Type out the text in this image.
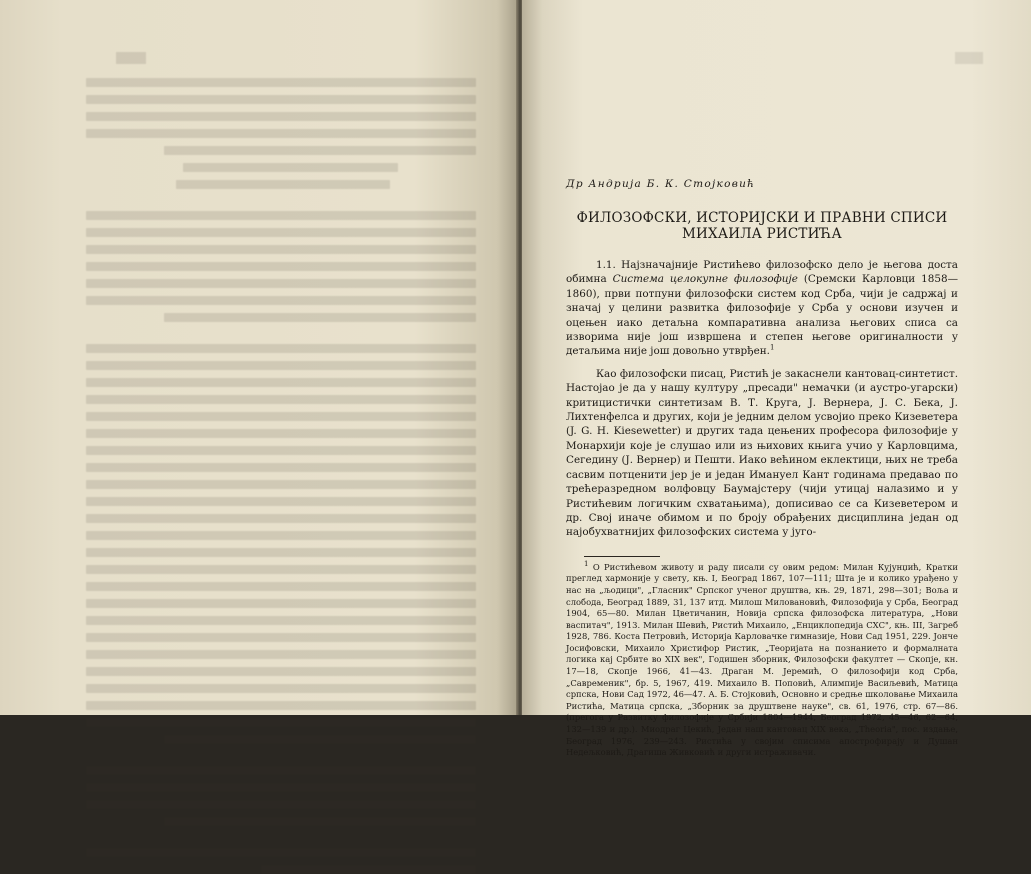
Др Андрија Б. К. Стојковић
ФИЛОЗОФСКИ, ИСТОРИЈСКИ И ПРАВНИ СПИСИ
МИХАИЛА РИСТИЋА

1.1. Најзначајније Ристићево филозофско дело је његова доста обимна Система целокупне филозофије (Сремски Карловци 1858—1860), први потпуни филозофски систем код Срба, чији је садржај и значај у целини развитка филозофије у Срба у основи изучен и оцењен иако детаљна компаративна анализа његових списа са изворима није још извршена и степен његове оригиналности у детаљима није још довољно утврђен.$^1$

Као филозофски писац, Ристић је закаснели кантовац-синтетист. Настојао је да у нашу културу „пресади" немачки (и аустро-угарски) критицистички синтетизам В. Т. Круга, Ј. Вернера, Ј. С. Бека, Ј. Лихтенфелса и других, који је једним делом усвојио преко Кизеветера (J. G. H. Kiesewetter) и других тада цењених професора филозофије у Монархији које је слушао или из њихових књига учио у Карловцима, Сегедину (Ј. Вернер) и Пешти. Иако већином еклектици, њих не треба сасвим потценити јер је и један Имануел Кант годинама предавао по трећеразредном волфовцу Баумајстеру (чији утицај налазимо и у Ристићевим логичким схватањима), дописивао се са Кизеветером и др. Свој иначе обимом и по броју обрађених дисциплина један од најобухватнијих филозофских система у југо-

$^1$ О Ристићевом животу и раду писали су овим редом: Милан Кујунџић, Кратки преглед хармоније у свету, књ. I, Београд 1867, 107—111; Шта је и колико урађено у нас на „љодици", „Гласник" Српског ученог друштва, књ. 29, 1871, 298—301; Воља и слобода, Београд 1889, 31, 137 итд. Милош Миловановић, Филозофија у Срба, Београд 1904, 65—80. Милан Цветичанин, Новија српска филозофска литература, „Нови васпитач", 1913. Милан Шевић, Ристић Михаило, „Енциклопедија СХС", књ. III, Загреб 1928, 786. Коста Петровић, Историја Карловачке гимназије, Нови Сад 1951, 229. Јонче Јосифовски, Михаило Христифор Ристик, „Теоријата на познанието и формалната логика кај Србите во XIX век", Годишен зборник, Филозофски факултет — Скопје, кн. 17—18, Скопје 1966, 41—43. Драган М. Јеремић, О филозофији код Срба, „Савременик", бр. 5, 1967, 419. Михаило В. Поповић, Алимпије Васиљевић, Матица српска, Нови Сад 1972, 46—47. А. Б. Стојковић, Основно и средње школовање Михаила Ристића, Матица српска, „Зборник за друштвене науке", св. 61, 1976, стр. 67—86. (прегога у Развитку филозофије у Србији 1804—1944, Београд 1972, 45—46, 62—64, 132—139 и др.). Миодраг Цекић, Један наш кантовац XIX века, „Theoria", пос. издање, Београд 1976, 239—243. Ристића у својим списима апострофирају и Душан Недељковић, Драгиша Живковић и други истраживачи.
